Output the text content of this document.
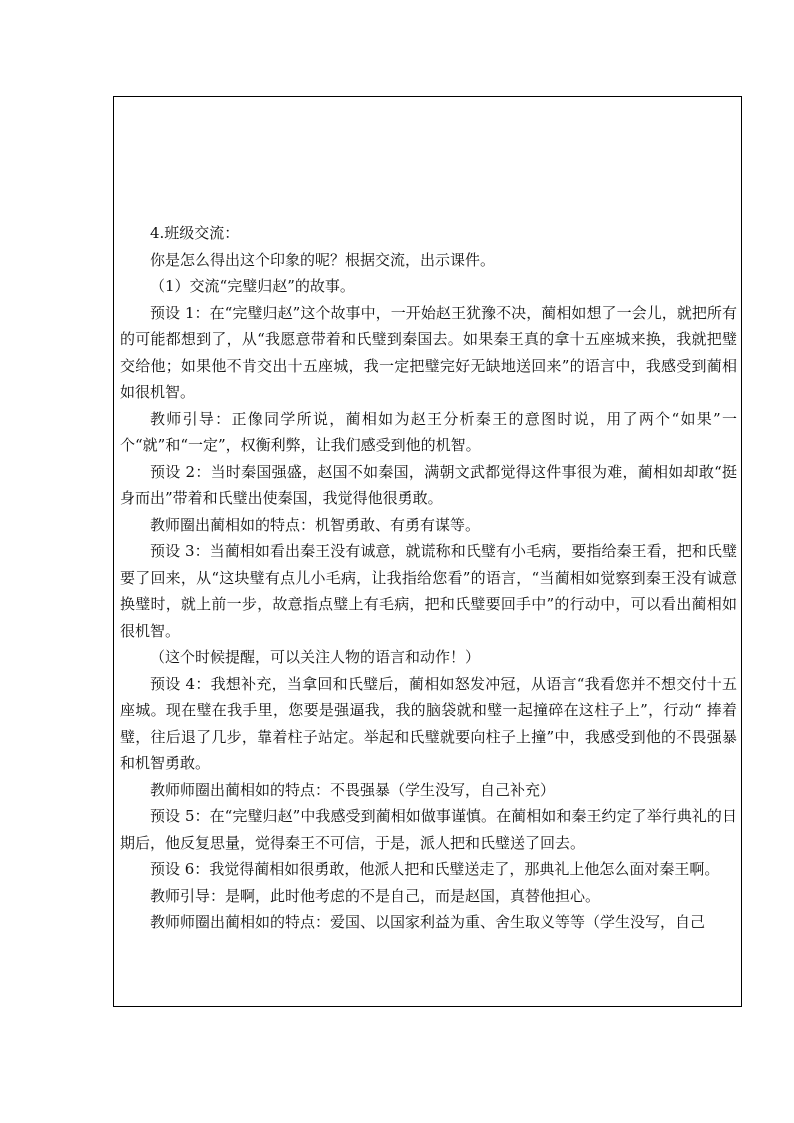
4.班级交流：

你是怎么得出这个印象的呢？根据交流，出示课件。

（1）交流“完璧归赵”的故事。

预设 1：在“完璧归赵”这个故事中，一开始赵王犹豫不决，蔺相如想了一会儿，就把所有的可能都想到了，从“我愿意带着和氏璧到秦国去。如果秦王真的拿十五座城来换，我就把璧交给他；如果他不肯交出十五座城，我一定把璧完好无缺地送回来”的语言中，我感受到蔺相如很机智。

教师引导：正像同学所说，蔺相如为赵王分析秦王的意图时说，用了两个“如果”一个“就”和“一定”，权衡利弊，让我们感受到他的机智。

预设 2：当时秦国强盛，赵国不如秦国，满朝文武都觉得这件事很为难，蔺相如却敢“挺身而出”带着和氏璧出使秦国，我觉得他很勇敢。

教师圈出蔺相如的特点：机智勇敢、有勇有谋等。

预设 3：当蔺相如看出秦王没有诚意，就谎称和氏璧有小毛病，要指给秦王看，把和氏璧要了回来，从“这块璧有点儿小毛病，让我指给您看”的语言，“当蔺相如觉察到秦王没有诚意换璧时，就上前一步，故意指点璧上有毛病，把和氏璧要回手中”的行动中，可以看出蔺相如很机智。

（这个时候提醒，可以关注人物的语言和动作！）

预设 4：我想补充，当拿回和氏璧后，蔺相如怒发冲冠，从语言“我看您并不想交付十五座城。现在璧在我手里，您要是强逼我，我的脑袋就和璧一起撞碎在这柱子上”，行动“ 捧着璧，往后退了几步，靠着柱子站定。举起和氏璧就要向柱子上撞”中，我感受到他的不畏强暴和机智勇敢。

教师师圈出蔺相如的特点：不畏强暴（学生没写，自己补充）

预设 5：在“完璧归赵”中我感受到蔺相如做事谨慎。在蔺相如和秦王约定了举行典礼的日期后，他反复思量，觉得秦王不可信，于是，派人把和氏璧送了回去。

预设 6：我觉得蔺相如很勇敢，他派人把和氏璧送走了，那典礼上他怎么面对秦王啊。

教师引导：是啊，此时他考虑的不是自己，而是赵国，真替他担心。

教师师圈出蔺相如的特点：爱国、以国家利益为重、舍生取义等等（学生没写，自己
